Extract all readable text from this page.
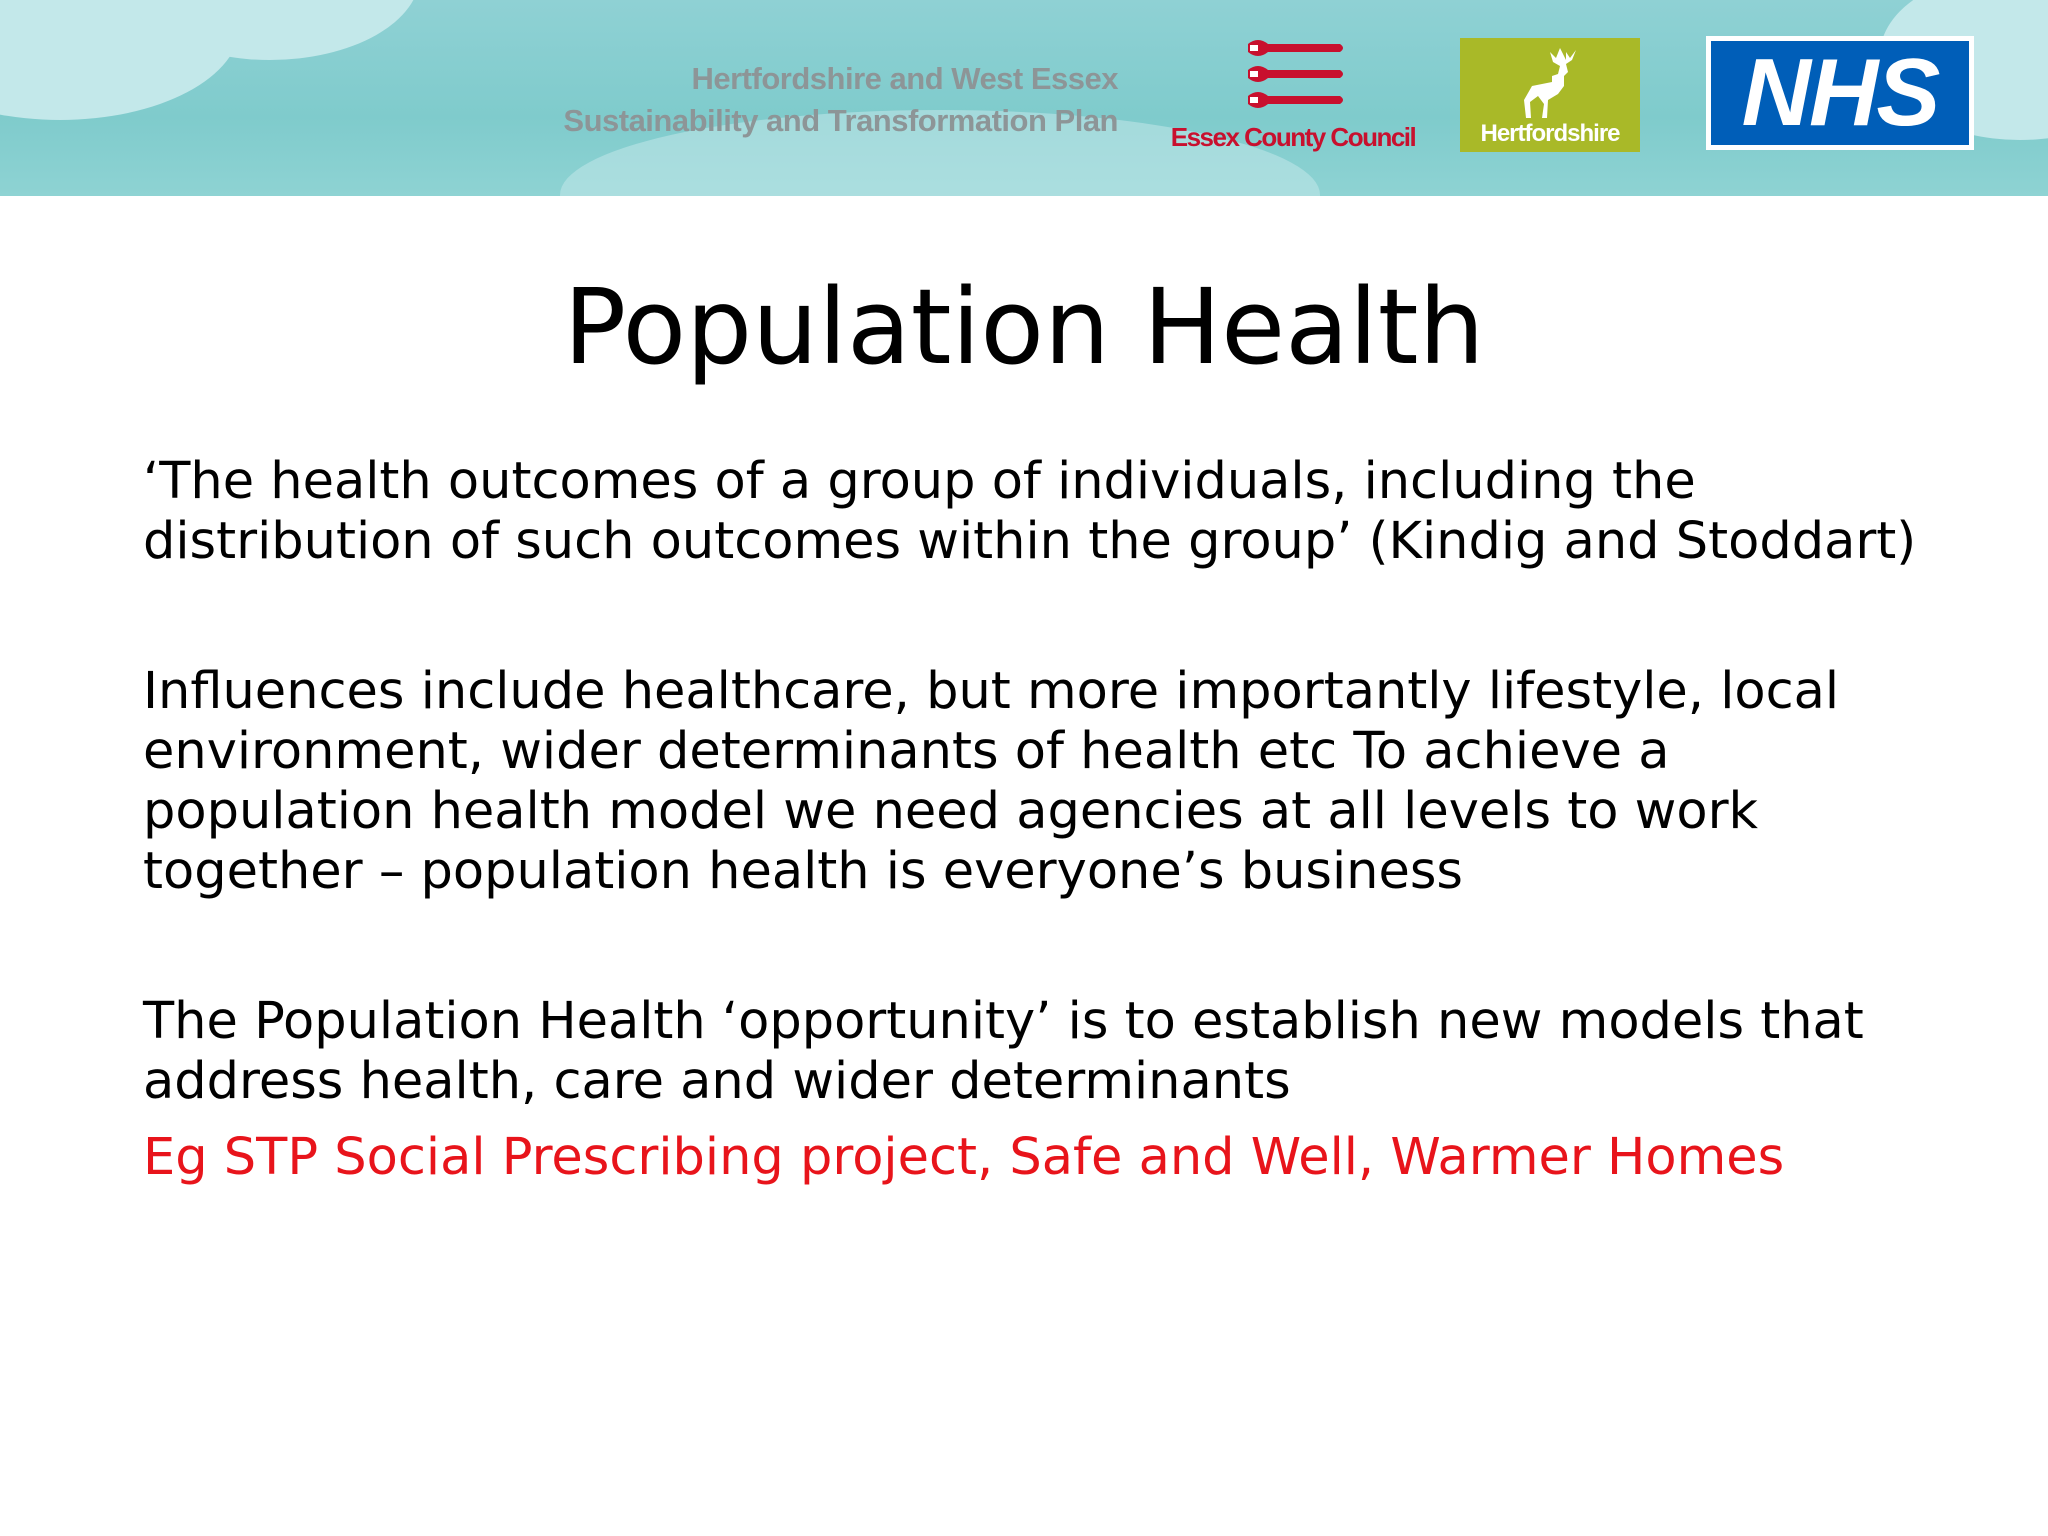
Hertfordshire and West Essex
Sustainability and Transformation Plan Essex County Council	Hertfordshire	NHS
Population Health

‘The health outcomes of a group of individuals, including the
distribution of such outcomes within the group’ (Kindig and Stoddart)

Influences include healthcare, but more importantly lifestyle, local
environment, wider determinants of health etc To achieve a
population health model we need agencies at all levels to work
together – population health is everyone’s business

The Population Health ‘opportunity’ is to establish new models that
address health, care and wider determinants

Eg STP Social Prescribing project, Safe and Well, Warmer Homes
